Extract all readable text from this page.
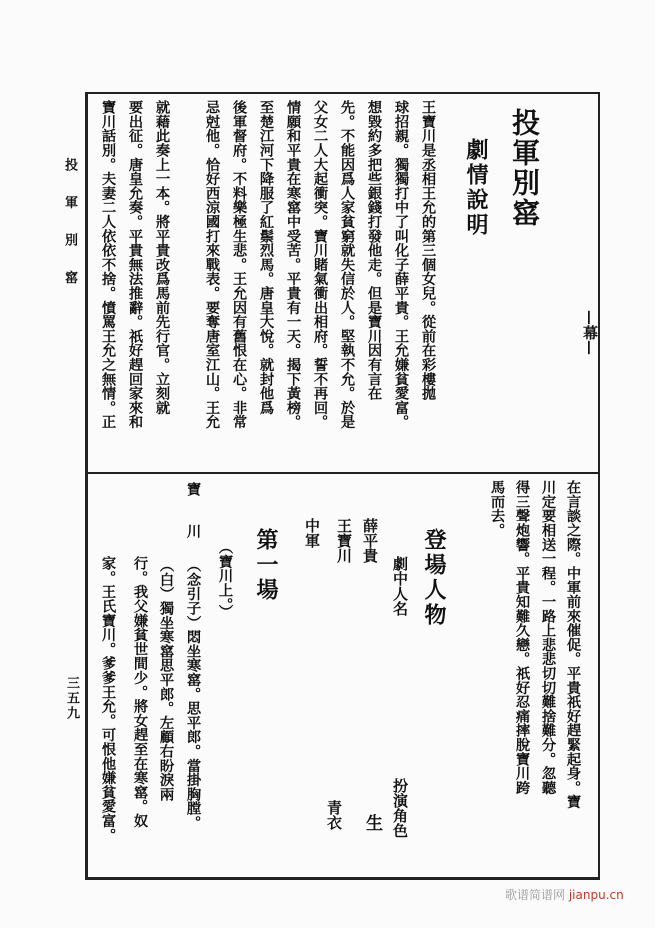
投 軍 別 窰
三五九
投軍別窰
劇情說明
—幕—
王寶川是丞相王允的第三個女兒。從前在彩樓拋
球招親。獨獨打中了叫化子薛平貴。王允嫌貧愛富。
想毀約多把些銀錢打發他走。但是寶川因有言在
先。不能因爲人家貧窮就失信於人。堅執不允。於是
父女二人大起衝突。寶川賭氣衝出相府。誓不再回。
情願和平貴在寒窰中受苦。平貴有一天。揭下黃榜。
至楚江河下降服了紅鬃烈馬。唐皇大悅。就封他爲
後軍督府。不料樂極生悲。王允因有舊恨在心。非常
忌尅他。恰好西涼國打來戰表。要奪唐室江山。王允
就藉此奏上一本。將平貴改爲馬前先行官。立刻就
要出征。唐皇允奏。平貴無法推辭。祇好趕回家來和
寶川話別。夫妻二人依依不捨。憤罵王允之無情。正
在言談之際。中軍前來催促。平貴祇好趕緊起身。寶
川定要相送一程。一路上悲悲切切難捨難分。忽聽
得三聲炮響。平貴知難久戀。祇好忍痛摔脫寶川跨
馬而去。
登場人物
劇中人名
扮演角色
薛平貴
生
王寶川
青衣
中軍
第一場
（寶川上。）
寶
川
（念引子）悶坐寒窰。思平郎。當掛胸膛。
（白）獨坐寒窰思平郎。左顧右盼淚兩
行。我父嫌貧世間少。將女趕至在寒窰。奴
家。王氏寶川。爹爹王允。可恨他嫌貧愛富。
歌谱简谱网 jianpu.cn
